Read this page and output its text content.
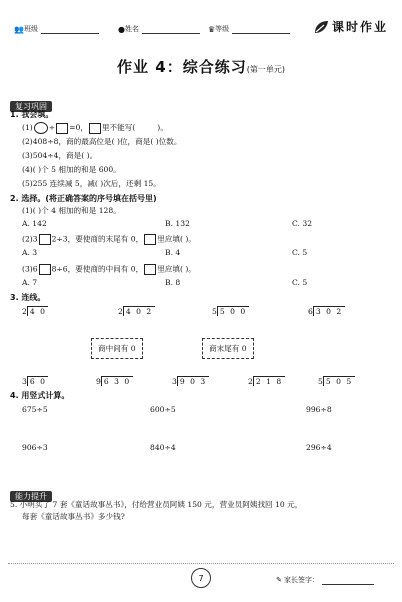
👥 班级	● 姓名	♛ 等级	课时作业
作业 4：综合练习(第一单元)
复习巩固
1. 我会填。
(1) ÷ =0， 里不能写(	)。
(2)408÷8，商的最高位是( )位，商是( )位数。
(3)504÷4，商是( )。
(4)( )个 5 相加的和是 600。
(5)255 连续减 5，减( )次后，还剩 15。
2. 选择。(将正确答案的序号填在括号里)
(1)( )个 4 相加的和是 128。
A. 142	B. 132	C. 32
(2)3 2÷3，要使商的末尾有 0， 里应填( )。
A. 3	B. 4	C. 5
(3)6 8÷6，要使商的中间有 0， 里应填( )。
A. 7	B. 8	C. 5
3. 连线。
2 4 0	2 4 0 2	5 5 0 0	6 3 0 2
商中间有 0	商末尾有 0
3 6 0	9 6 3 0	3 9 0 3	2 2 1 8	5 5 0 5
4. 用竖式计算。
675÷5	600÷5	996÷8
906÷3	840÷4	296÷4
能力提升
5. 小明买了 7 套《童话故事丛书》，付给营业员阿姨 150 元，营业员阿姨找回 10 元，
每套《童话故事丛书》多少钱?
7	✎ 家长签字：
